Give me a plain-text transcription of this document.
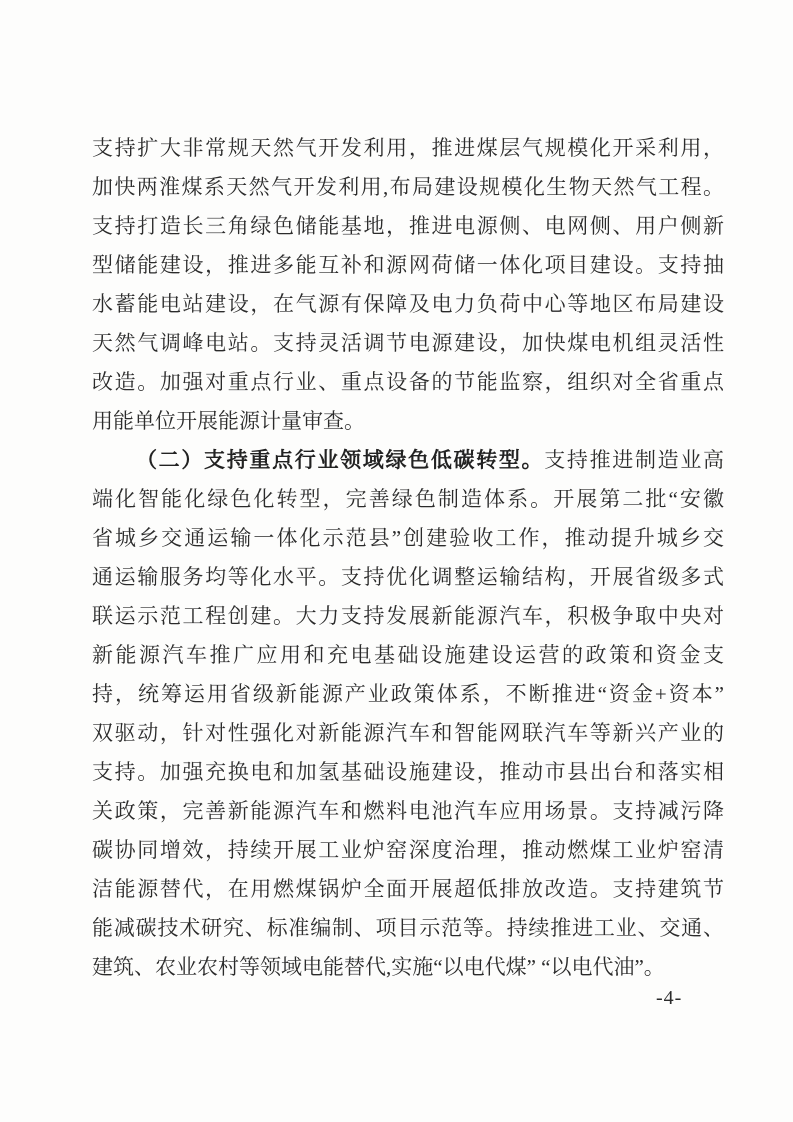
支持扩大非常规天然气开发利用，推进煤层气规模化开采利用，
加快两淮煤系天然气开发利用,布局建设规模化生物天然气工程。
支持打造长三角绿色储能基地，推进电源侧、电网侧、用户侧新
型储能建设，推进多能互补和源网荷储一体化项目建设。支持抽
水蓄能电站建设，在气源有保障及电力负荷中心等地区布局建设
天然气调峰电站。支持灵活调节电源建设，加快煤电机组灵活性
改造。加强对重点行业、重点设备的节能监察，组织对全省重点
用能单位开展能源计量审查。
（二）支持重点行业领域绿色低碳转型。支持推进制造业高
端化智能化绿色化转型，完善绿色制造体系。开展第二批“安徽
省城乡交通运输一体化示范县”创建验收工作，推动提升城乡交
通运输服务均等化水平。支持优化调整运输结构，开展省级多式
联运示范工程创建。大力支持发展新能源汽车，积极争取中央对
新能源汽车推广应用和充电基础设施建设运营的政策和资金支
持，统筹运用省级新能源产业政策体系，不断推进“资金+资本”
双驱动，针对性强化对新能源汽车和智能网联汽车等新兴产业的
支持。加强充换电和加氢基础设施建设，推动市县出台和落实相
关政策，完善新能源汽车和燃料电池汽车应用场景。支持减污降
碳协同增效，持续开展工业炉窑深度治理，推动燃煤工业炉窑清
洁能源替代，在用燃煤锅炉全面开展超低排放改造。支持建筑节
能减碳技术研究、标准编制、项目示范等。持续推进工业、交通、
建筑、农业农村等领域电能替代,实施“以电代煤” “以电代油”。
-4-
